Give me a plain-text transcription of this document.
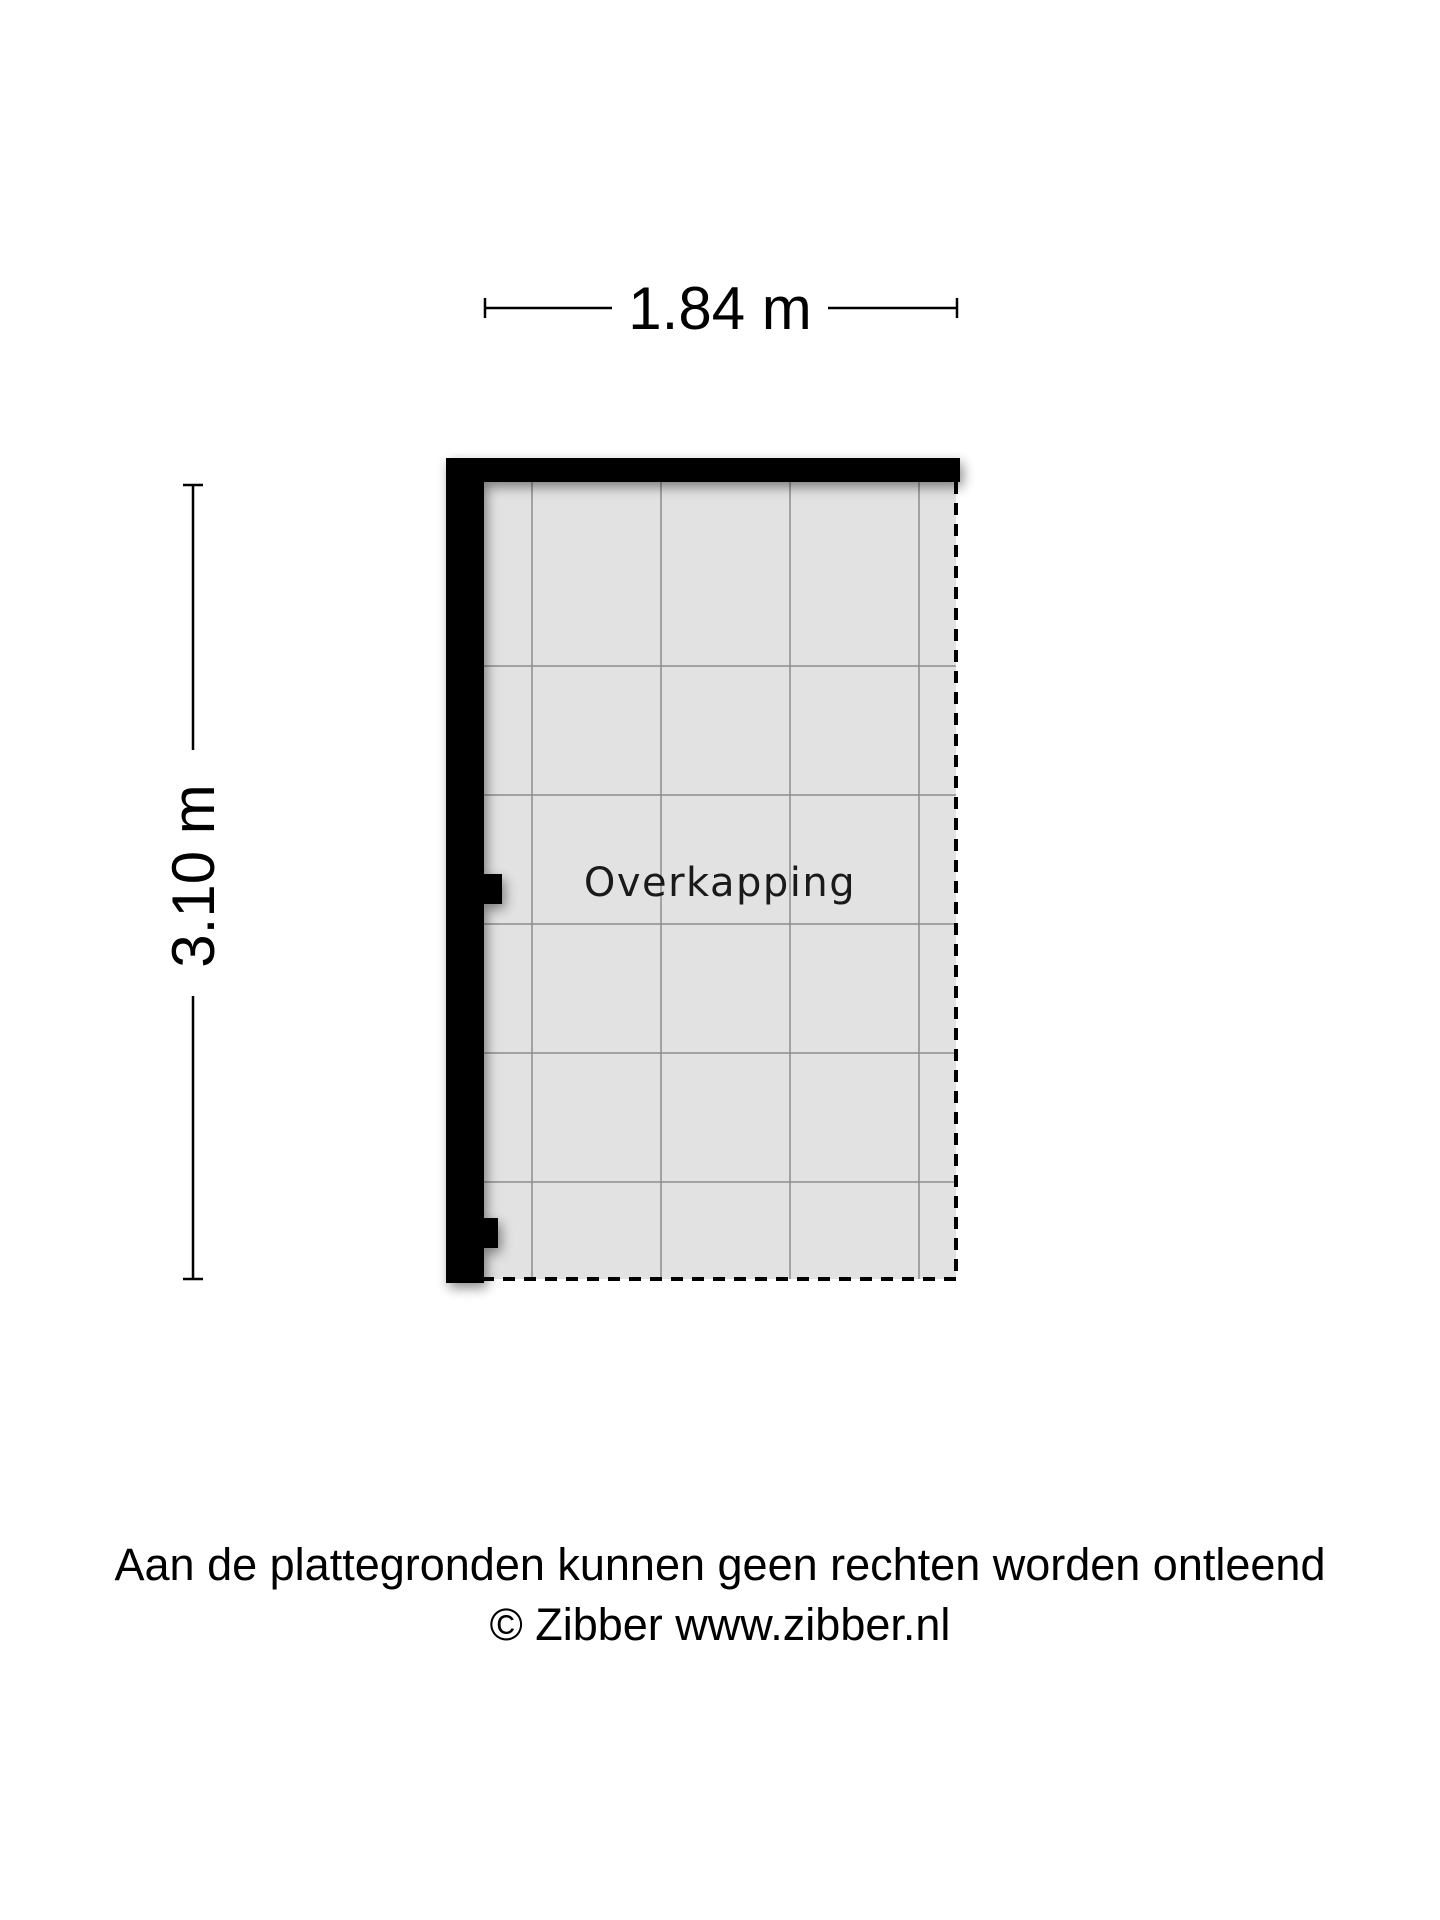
1.84 m
3.10 m	Overkapping
Aan de plattegronden kunnen geen rechten worden ontleend
© Zibber www.zibber.nl
